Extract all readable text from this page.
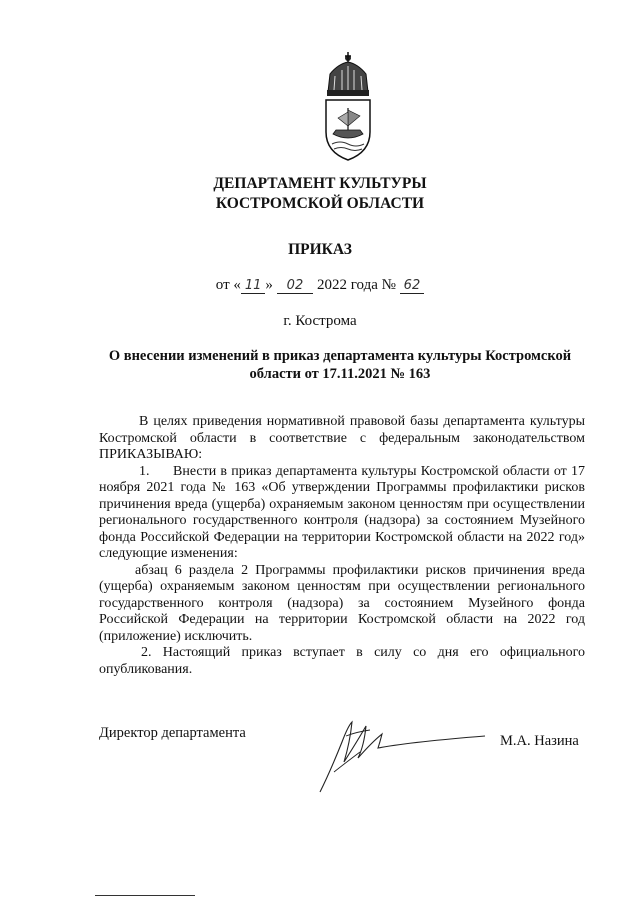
ДЕПАРТАМЕНТ КУЛЬТУРЫ
КОСТРОМСКОЙ ОБЛАСТИ
ПРИКАЗ
от « 11 » 02 2022 года № 62
г. Кострома
О внесении изменений в приказ департамента культуры Костромской
области от 17.11.2021 № 163

В целях приведения нормативной правовой базы департамента культуры Костромской области в соответствие с федеральным законодательством ПРИКАЗЫВАЮ:

1. Внести в приказ департамента культуры Костромской области от 17 ноября 2021 года № 163 «Об утверждении Программы профилактики рисков причинения вреда (ущерба) охраняемым законом ценностям при осуществлении регионального государственного контроля (надзора) за состоянием Музейного фонда Российской Федерации на территории Костромской области на 2022 год» следующие изменения:

абзац 6 раздела 2 Программы профилактики рисков причинения вреда (ущерба) охраняемым законом ценностям при осуществлении регионального государственного контроля (надзора) за состоянием Музейного фонда Российской Федерации на территории Костромской области на 2022 год (приложение) исключить.

2. Настоящий приказ вступает в силу со дня его официального опубликования.

Директор департамента	М.А. Назина
